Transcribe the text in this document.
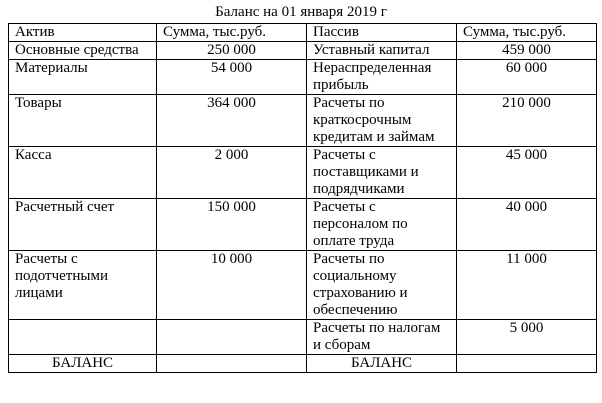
Баланс на 01 января 2019 г
Актив	Сумма, тыс.руб.	Пассив	Сумма, тыс.руб.
Основные средства	250 000	Уставный капитал	459 000
Материалы	54 000	Нераспределенная прибыль	60 000
Товары	364 000	Расчеты по краткосрочным кредитам и займам	210 000
Касса	2 000	Расчеты с поставщиками и подрядчиками	45 000
Расчетный счет	150 000	Расчеты с персоналом по оплате труда	40 000
Расчеты с подотчетными лицами	10 000	Расчеты по социальному страхованию и обеспечению	11 000
		Расчеты по налогам и сборам	5 000
БАЛАНС		БАЛАНС	
